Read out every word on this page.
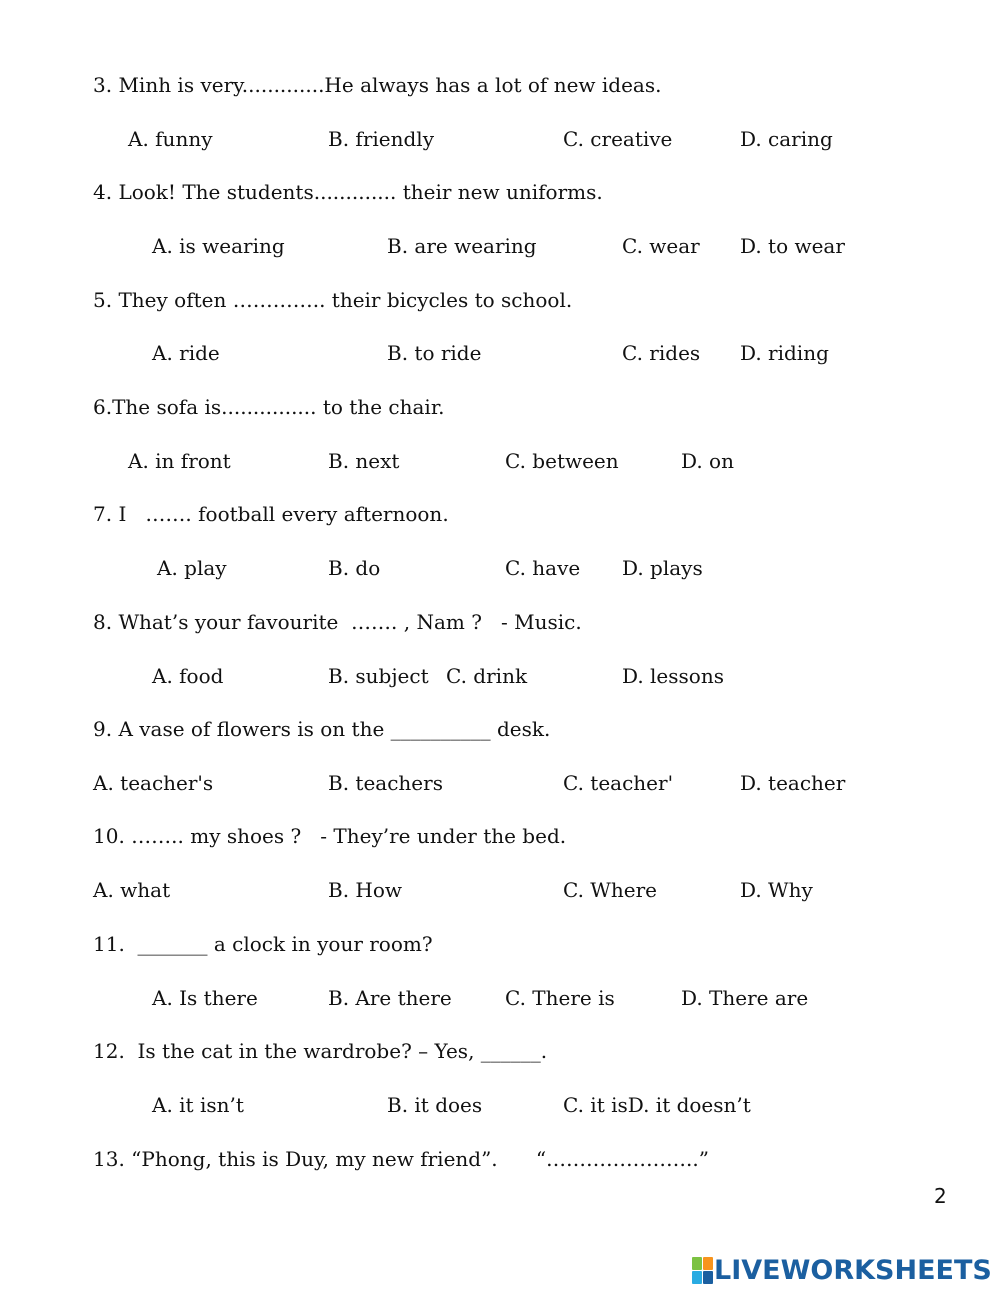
3. Minh is very.............He always has a lot of new ideas.
A. funny	B. friendly	C. creative	D. caring
4. Look! The students............. their new uniforms.
A. is wearing	B. are wearing	C. wear D. to wear
5. They often ………….. their bicycles to school.
A. ride	B. to ride	C. rides D. riding
6.The sofa is............... to the chair.
A. in front	B. next	C. between	D. on
7. I   ……. football every afternoon.
A. play	B. do	C. have D. plays
8. What’s your favourite  ……. , Nam ?   - Music.
A. food	B. subject C. drink	D. lessons
9. A vase of flowers is on the __________ desk.
A. teacher's	B. teachers	C. teacher'	D. teacher
10. …….. my shoes ?   - They’re under the bed.
A. what	B. How	C. Where	D. Why
11.  _______ a clock in your room?
A. Is there	B. Are there	C. There is	D. There are
12.  Is the cat in the wardrobe? – Yes, ______.
A. it isn’t	B. it does	C. it isD. it doesn’t
13. “Phong, this is Duy, my new friend”.      “…………………..”
2
LIVEWORKSHEETS
